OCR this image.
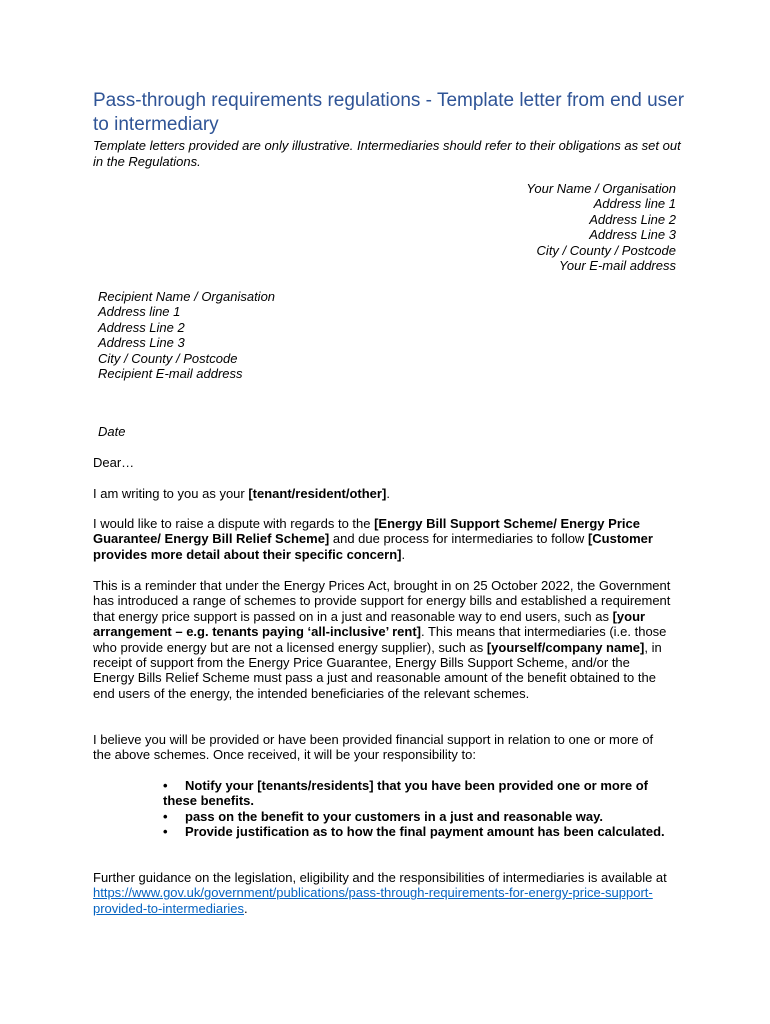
Pass-through requirements regulations - Template letter from end user to intermediary

Template letters provided are only illustrative. Intermediaries should refer to their obligations as set out in the Regulations.

Your Name / Organisation
Address line 1
Address Line 2
Address Line 3
City / County / Postcode
Your E-mail address
Recipient Name / Organisation
Address line 1
Address Line 2
Address Line 3
City / County / Postcode
Recipient E-mail address
Date

Dear…

I am writing to you as your [tenant/resident/other].

I would like to raise a dispute with regards to the [Energy Bill Support Scheme/ Energy Price Guarantee/ Energy Bill Relief Scheme] and due process for intermediaries to follow [Customer provides more detail about their specific concern].

This is a reminder that under the Energy Prices Act, brought in on 25 October 2022, the Government has introduced a range of schemes to provide support for energy bills and established a requirement that energy price support is passed on in a just and reasonable way to end users, such as [your arrangement – e.g. tenants paying ‘all-inclusive’ rent]. This means that intermediaries (i.e. those who provide energy but are not a licensed energy supplier), such as [yourself/company name], in receipt of support from the Energy Price Guarantee, Energy Bills Support Scheme, and/or the Energy Bills Relief Scheme must pass a just and reasonable amount of the benefit obtained to the end users of the energy, the intended beneficiaries of the relevant schemes.

I believe you will be provided or have been provided financial support in relation to one or more of the above schemes. Once received, it will be your responsibility to:

• Notify your [tenants/residents] that you have been provided one or more of these benefits.
• pass on the benefit to your customers in a just and reasonable way.
• Provide justification as to how the final payment amount has been calculated.

Further guidance on the legislation, eligibility and the responsibilities of intermediaries is available at https://www.gov.uk/government/publications/pass-through-requirements-for-energy-price-support-provided-to-intermediaries.
